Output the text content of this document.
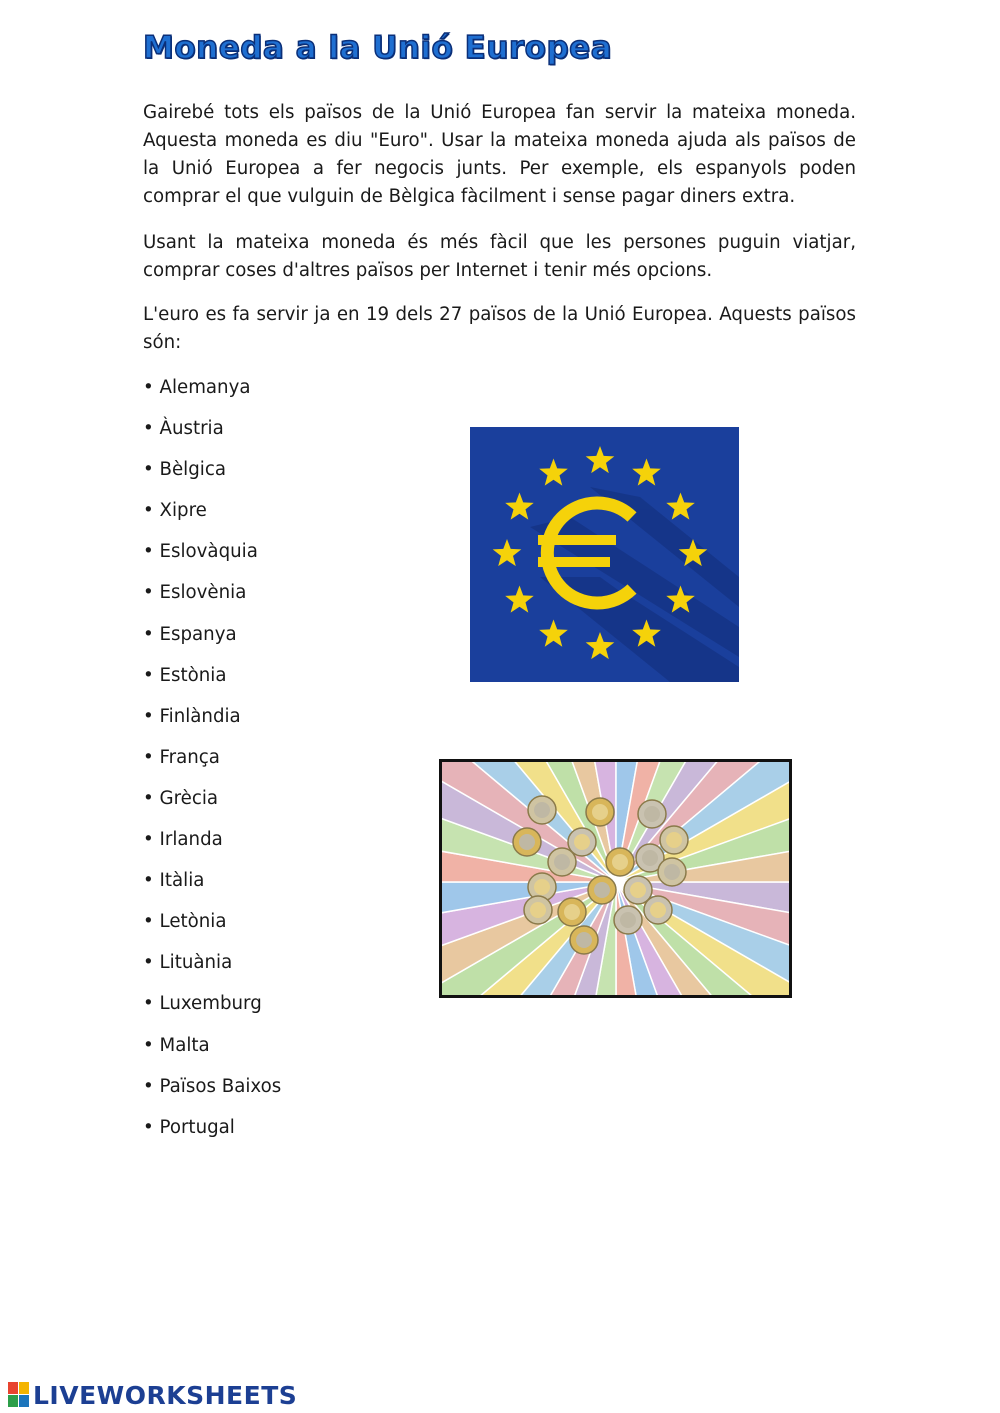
Moneda a la Unió Europea

Gairebé tots els països de la Unió Europea fan servir la mateixa moneda. Aquesta moneda es diu "Euro". Usar la mateixa moneda ajuda als països de la Unió Europea a fer negocis junts. Per exemple, els espanyols poden comprar el que vulguin de Bèlgica fàcilment i sense pagar diners extra.

Usant la mateixa moneda és més fàcil que les persones puguin viatjar, comprar coses d'altres països per Internet i tenir més opcions.

L'euro es fa servir ja en 19 dels 27 països de la Unió Europea. Aquests països són:

• Alemanya
• Àustria
• Bèlgica
• Xipre
• Eslovàquia
• Eslovènia
• Espanya
• Estònia
• Finlàndia
• França
• Grècia
• Irlanda
• Itàlia
• Letònia
• Lituània
• Luxemburg
• Malta
• Països Baixos
• Portugal
LIVEWORKSHEETS
